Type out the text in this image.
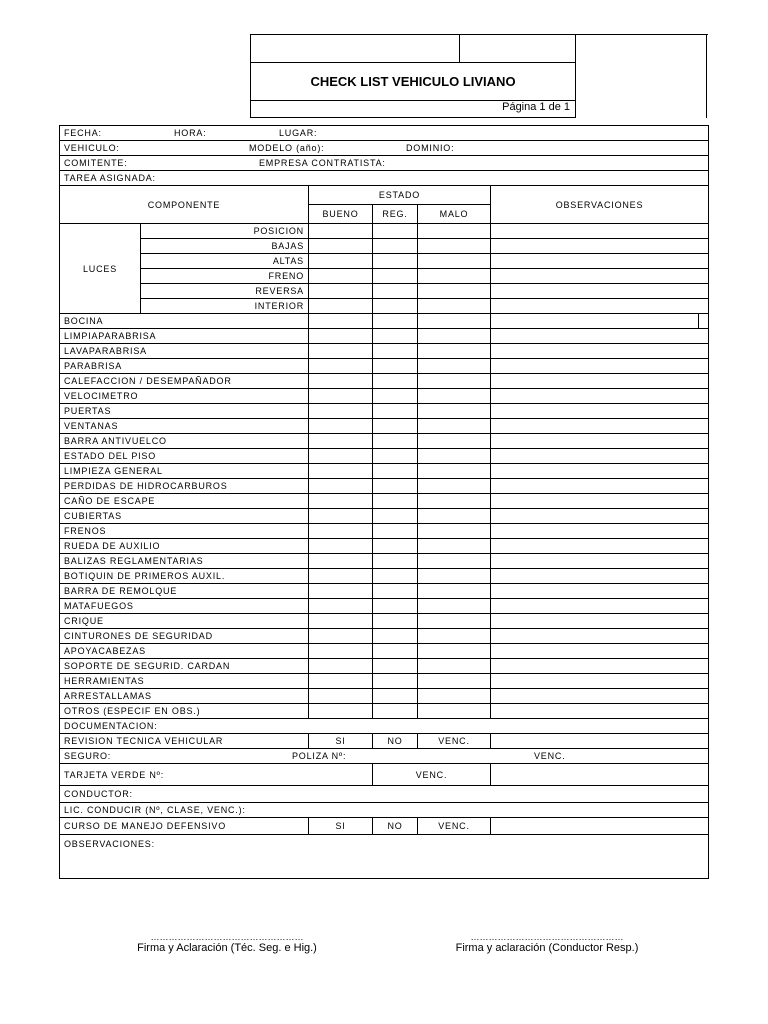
CHECK LIST VEHICULO LIVIANO
Página 1 de 1
FECHA: HORA: LUGAR:						

VEHICULO: MODELO (año): DOMINIO:						

COMITENTE: EMPRESA CONTRATISTA:						

TAREA ASIGNADA:						
COMPONENTE		ESTADO			OBSERVACIONES	
		BUENO	REG.	MALO		
LUCES	POSICION					
	BAJAS					
	ALTAS					
	FRENO					
	REVERSA					
	INTERIOR					
BOCINA						
LIMPIAPARABRISA						
LAVAPARABRISA						
PARABRISA						
CALEFACCION / DESEMPAÑADOR						
VELOCIMETRO						
PUERTAS						
VENTANAS						
BARRA ANTIVUELCO						
ESTADO DEL PISO						
LIMPIEZA GENERAL						
PERDIDAS DE HIDROCARBUROS						
CAÑO DE ESCAPE						
CUBIERTAS						
FRENOS						
RUEDA DE AUXILIO						
BALIZAS REGLAMENTARIAS						
BOTIQUIN DE PRIMEROS AUXIL.						
BARRA DE REMOLQUE						
MATAFUEGOS						
CRIQUE						
CINTURONES DE SEGURIDAD						
APOYACABEZAS						
SOPORTE DE SEGURID. CARDAN						
HERRAMIENTAS						
ARRESTALLAMAS						
OTROS (ESPECIF EN OBS.)						
DOCUMENTACION:						
REVISION TECNICA VEHICULAR		SI	NO	VENC.		
SEGURO: POLIZA Nº: VENC.						

TARJETA VERDE Nº:			VENC.			
CONDUCTOR:						
LIC. CONDUCIR (Nº, CLASE, VENC.):						
CURSO DE MANEJO DEFENSIVO		SI	NO	VENC.		
OBSERVACIONES:						
……………………………………………
Firma y Aclaración (Téc. Seg. e Hig.)
……………………………………………
Firma y aclaración (Conductor Resp.)
